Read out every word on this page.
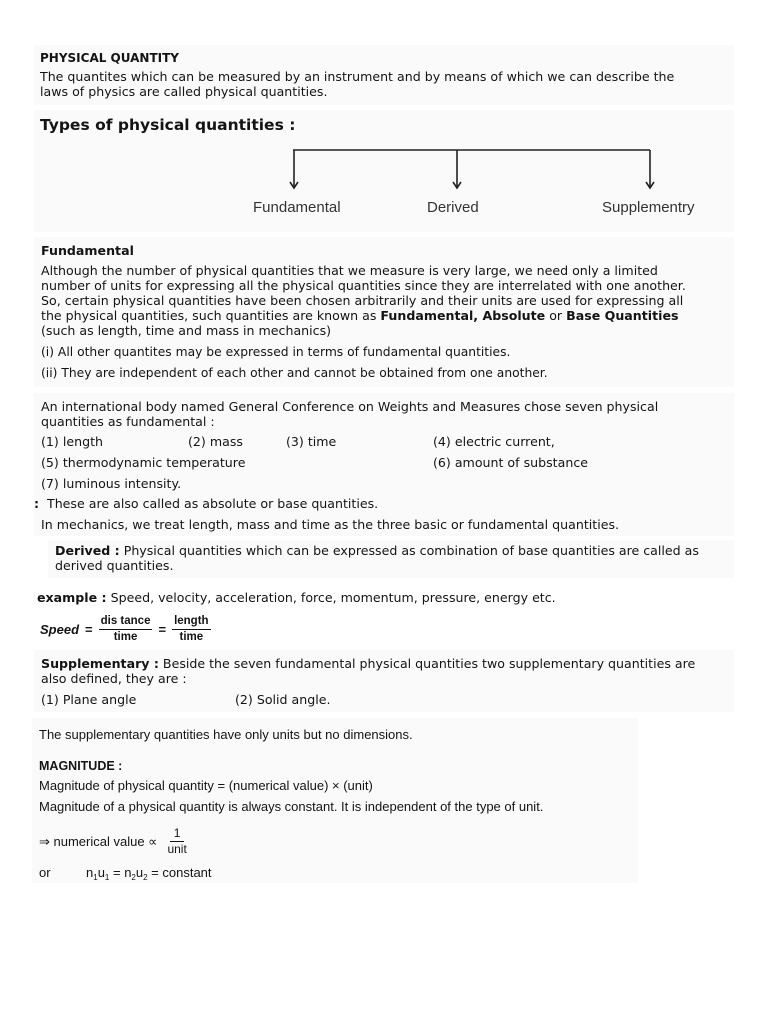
PHYSICAL QUANTITY
The quantites which can be measured by an instrument and by means of which we can describe the
laws of physics are called physical quantities.
Types of physical quantities :
Fundamental	Derived	Supplementry
Fundamental
Although the number of physical quantities that we measure is very large, we need only a limited
number of units for expressing all the physical quantities since they are interrelated with one another.
So, certain physical quantities have been chosen arbitrarily and their units are used for expressing all
the physical quantities, such quantities are known as Fundamental, Absolute or Base Quantities
(such as length, time and mass in mechanics)
(i) All other quantites may be expressed in terms of fundamental quantities.
(ii) They are independent of each other and cannot be obtained from one another.
An international body named General Conference on Weights and Measures chose seven physical
quantities as fundamental :
(1) length	(2) mass	(3) time	(4) electric current,
(5) thermodynamic temperature	(6) amount of substance
(7) luminous intensity.
: These are also called as absolute or base quantities.
In mechanics, we treat length, mass and time as the three basic or fundamental quantities.
Derived : Physical quantities which can be expressed as combination of base quantities are called as
derived quantities.
example : Speed, velocity, acceleration, force, momentum, pressure, energy etc.
Speed = $\frac{\text{dis tance}}{\text{time}} = \frac{\text{length}}{\text{time}}$
Supplementary : Beside the seven fundamental physical quantities two supplementary quantities are
also defined, they are :
(1) Plane angle	(2) Solid angle.
The supplementary quantities have only units but no dimensions.
MAGNITUDE :
Magnitude of physical quantity = (numerical value) × (unit)
Magnitude of a physical quantity is always constant. It is independent of the type of unit.
⇒ numerical value ∝ $\frac{1}{\text{unit}}$
or	$n_1u_1 = n_2u_2$ = constant
